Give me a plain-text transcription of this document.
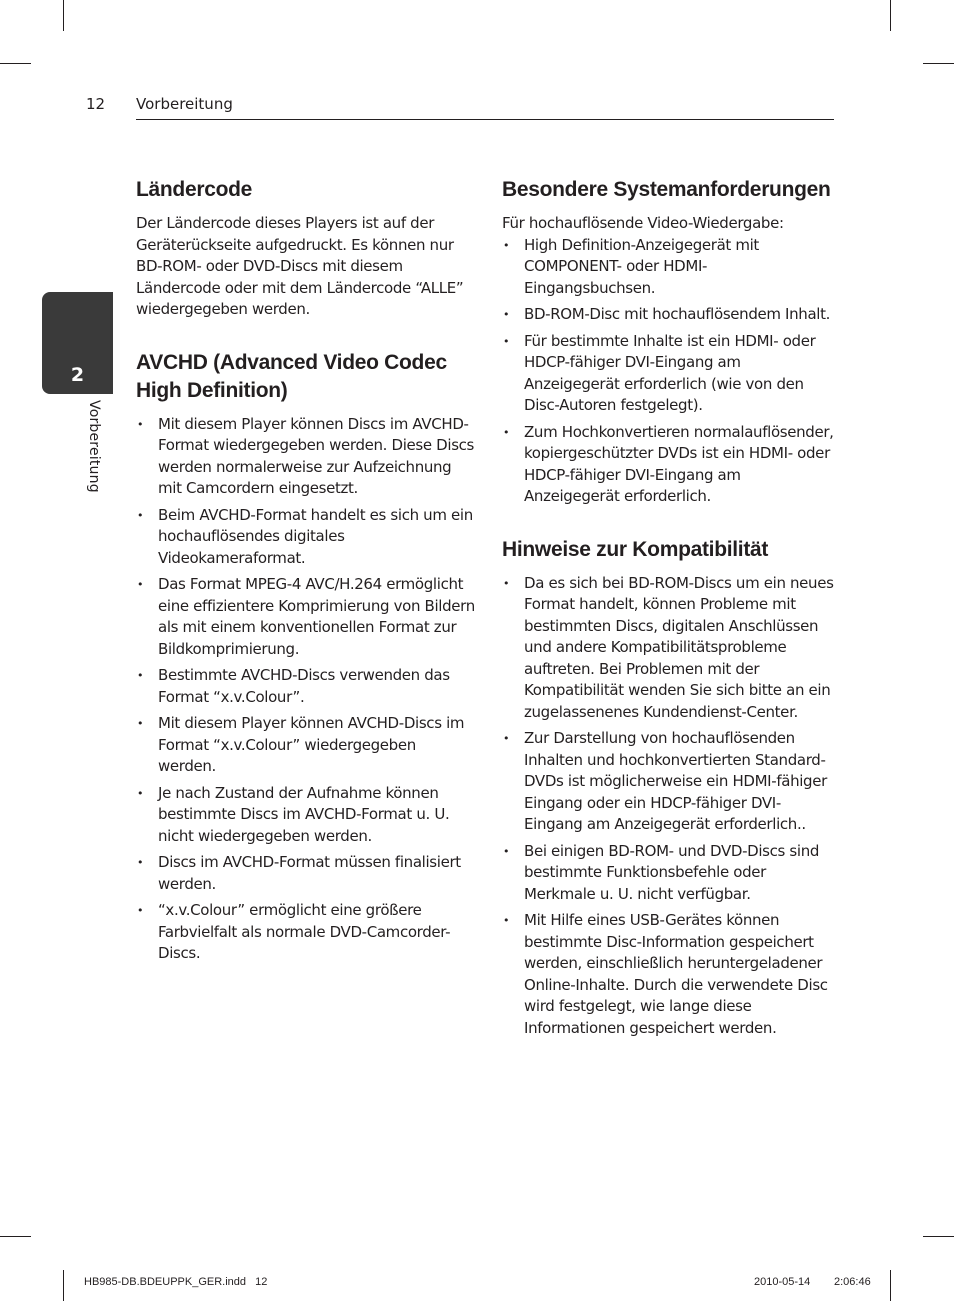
12 Vorbereitung
2
Vorbereitung
Ländercode

Der Ländercode dieses Players ist auf der Geräterückseite aufgedruckt. Es können nur BD-ROM- oder DVD-Discs mit diesem Ländercode oder mit dem Ländercode “ALLE” wiedergegeben werden.

AVCHD (Advanced Video Codec High Definition)
• Mit diesem Player können Discs im AVCHD-Format wiedergegeben werden. Diese Discs werden normalerweise zur Aufzeichnung mit Camcordern eingesetzt.
• Beim AVCHD-Format handelt es sich um ein hochauflösendes digitales Videokameraformat.
• Das Format MPEG-4 AVC/H.264 ermöglicht eine effizientere Komprimierung von Bildern als mit einem konventionellen Format zur Bildkomprimierung.
• Bestimmte AVCHD-Discs verwenden das Format “x.v.Colour”.
• Mit diesem Player können AVCHD-Discs im Format “x.v.Colour” wiedergegeben werden.
• Je nach Zustand der Aufnahme können bestimmte Discs im AVCHD-Format u. U. nicht wiedergegeben werden.
• Discs im AVCHD-Format müssen finalisiert werden.
• “x.v.Colour” ermöglicht eine größere Farbvielfalt als normale DVD-Camcorder-Discs.
Besondere Systemanforderungen

Für hochauflösende Video-Wiedergabe:

• High Definition-Anzeigegerät mit COMPONENT- oder HDMI-Eingangsbuchsen.
• BD-ROM-Disc mit hochauflösendem Inhalt.
• Für bestimmte Inhalte ist ein HDMI- oder HDCP-fähiger DVI-Eingang am Anzeigegerät erforderlich (wie von den Disc-Autoren festgelegt).
• Zum Hochkonvertieren normalauflösender, kopiergeschützter DVDs ist ein HDMI- oder HDCP-fähiger DVI-Eingang am Anzeigegerät erforderlich.
Hinweise zur Kompatibilität
• Da es sich bei BD-ROM-Discs um ein neues Format handelt, können Probleme mit bestimmten Discs, digitalen Anschlüssen und andere Kompatibilitätsprobleme auftreten. Bei Problemen mit der Kompatibilität wenden Sie sich bitte an ein zugelassenenes Kundendienst-Center.
• Zur Darstellung von hochauflösenden Inhalten und hochkonvertierten Standard-DVDs ist möglicherweise ein HDMI-fähiger Eingang oder ein HDCP-fähiger DVI-Eingang am Anzeigegerät erforderlich..
• Bei einigen BD-ROM- und DVD-Discs sind bestimmte Funktionsbefehle oder Merkmale u. U. nicht verfügbar.
• Mit Hilfe eines USB-Gerätes können bestimmte Disc-Information gespeichert werden, einschließlich heruntergeladener Online-Inhalte. Durch die verwendete Disc wird festgelegt, wie lange diese Informationen gespeichert werden.
HB985-DB.BDEUPPK_GER.indd   12	2010-05-14 2:06:46
